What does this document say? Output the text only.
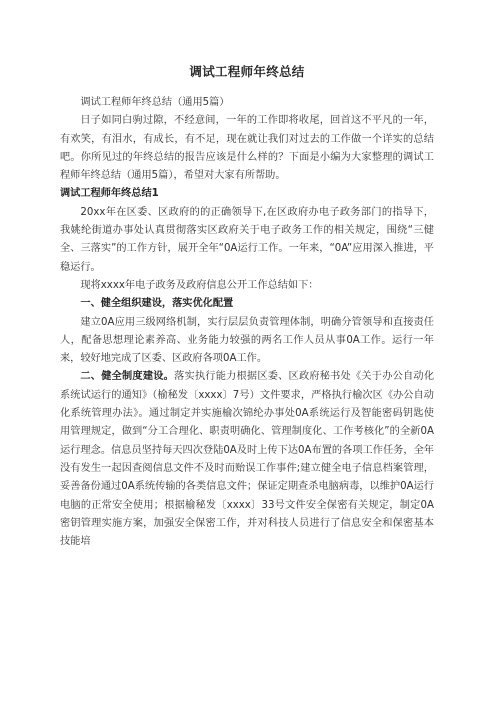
调试工程师年终总结

调试工程师年终总结（通用5篇）

日子如同白驹过隙，不经意间，一年的工作即将收尾，回首这不平凡的一年，有欢笑，有泪水，有成长，有不足，现在就让我们对过去的工作做一个详实的总结吧。你所见过的年终总结的报告应该是什么样的？下面是小编为大家整理的调试工程师年终总结（通用5篇），希望对大家有所帮助。

调试工程师年终总结1

20xx年在区委、区政府的的正确领导下,在区政府办电子政务部门的指导下，我姚纶街道办事处认真贯彻落实区政府关于电子政务工作的相关规定，围绕“三健全、三落实”的工作方针，展开全年“0A运行工作。一年来，“0A”应用深入推进，平稳运行。

现将xxxx年电子政务及政府信息公开工作总结如下：

一、健全组织建设，落实优化配置

建立0A应用三级网络机制，实行层层负责管理体制，明确分管领导和直接责任人，配备思想理论素养高、业务能力较强的两名工作人员从事0A工作。运行一年来，较好地完成了区委、区政府各项0A工作。

二、健全制度建设。落实执行能力根据区委、区政府秘书处《关于办公自动化系统试运行的通知》（榆秘发〔xxxx〕7号）文件要求，严格执行榆次区《办公自动化系统管理办法》。通过制定并实施榆次锦纶办事处0A系统运行及智能密码钥匙使用管理规定，做到“分工合理化、职责明确化、管理制度化、工作考核化”的全新0A运行理念。信息员坚持每天四次登陆0A及时上传下达0A布置的各项工作任务，全年没有发生一起因查阅信息文件不及时而贻误工作事件;建立健全电子信息档案管理，妥善备份通过0A系统传输的各类信息文件；保证定期查杀电脑病毒，以维护0A运行电脑的正常安全使用；根据榆秘发〔xxxx〕33号文件安全保密有关规定，制定0A密钥管理实施方案，加强安全保密工作，并对科技人员进行了信息安全和保密基本技能培
